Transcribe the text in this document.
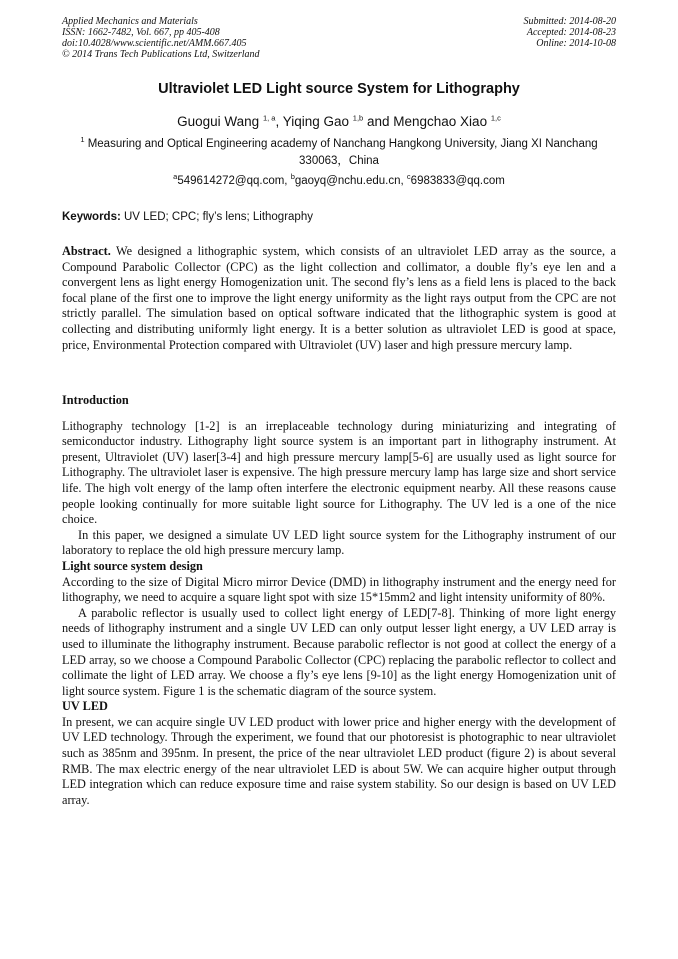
Applied Mechanics and Materials
ISSN: 1662-7482, Vol. 667, pp 405-408
doi:10.4028/www.scientific.net/AMM.667.405
© 2014 Trans Tech Publications Ltd, Switzerland
Submitted: 2014-08-20
Accepted: 2014-08-23
Online: 2014-10-08
Ultraviolet LED Light source System for Lithography
Guogui Wang $^{1, a}$, Yiqing Gao $^{1,b}$ and Mengchao Xiao $^{1,c}$
$^1$ Measuring and Optical Engineering academy of Nanchang Hangkong University, Jiang XI Nanchang 330063，China
$^a$549614272@qq.com, $^b$gaoyq@nchu.edu.cn, $^c$6983833@qq.com
Keywords: UV LED; CPC; fly’s lens; Lithography

Abstract. We designed a lithographic system, which consists of an ultraviolet LED array as the source, a Compound Parabolic Collector (CPC) as the light collection and collimator, a double fly’s eye len and a convergent lens as light energy Homogenization unit. The second fly’s lens as a field lens is placed to the back focal plane of the first one to improve the light energy uniformity as the light rays output from the CPC are not strictly parallel. The simulation based on optical software indicated that the lithographic system is good at collecting and distributing uniformly light energy. It is a better solution as ultraviolet LED is good at space, price, Environmental Protection compared with Ultraviolet (UV) laser and high pressure mercury lamp.

Introduction

Lithography technology [1-2] is an irreplaceable technology during miniaturizing and integrating of semiconductor industry. Lithography light source system is an important part in lithography instrument. At present, Ultraviolet (UV) laser[3-4] and high pressure mercury lamp[5-6] are usually used as light source for Lithography. The ultraviolet laser is expensive. The high pressure mercury lamp has large size and short service life. The high volt energy of the lamp often interfere the electronic equipment nearby. All these reasons cause people looking continually for more suitable light source for Lithography. The UV led is a one of the nice choice.

In this paper, we designed a simulate UV LED light source system for the Lithography instrument of our laboratory to replace the old high pressure mercury lamp.

Light source system design

According to the size of Digital Micro mirror Device (DMD) in lithography instrument and the energy need for lithography, we need to acquire a square light spot with size 15*15mm2 and light intensity uniformity of 80%.

A parabolic reflector is usually used to collect light energy of LED[7-8]. Thinking of more light energy needs of lithography instrument and a single UV LED can only output lesser light energy, a UV LED array is used to illuminate the lithography instrument. Because parabolic reflector is not good at collect the energy of a LED array, so we choose a Compound Parabolic Collector (CPC) replacing the parabolic reflector to collect and collimate the light of LED array. We choose a fly’s eye lens [9-10] as the light energy Homogenization unit of light source system. Figure 1 is the schematic diagram of the source system.

UV LED

In present, we can acquire single UV LED product with lower price and higher energy with the development of UV LED technology. Through the experiment, we found that our photoresist is photographic to near ultraviolet such as 385nm and 395nm. In present, the price of the near ultraviolet LED product (figure 2) is about several RMB. The max electric energy of the near ultraviolet LED is about 5W. We can acquire higher output through LED integration which can reduce exposure time and raise system stability. So our design is based on UV LED array.
